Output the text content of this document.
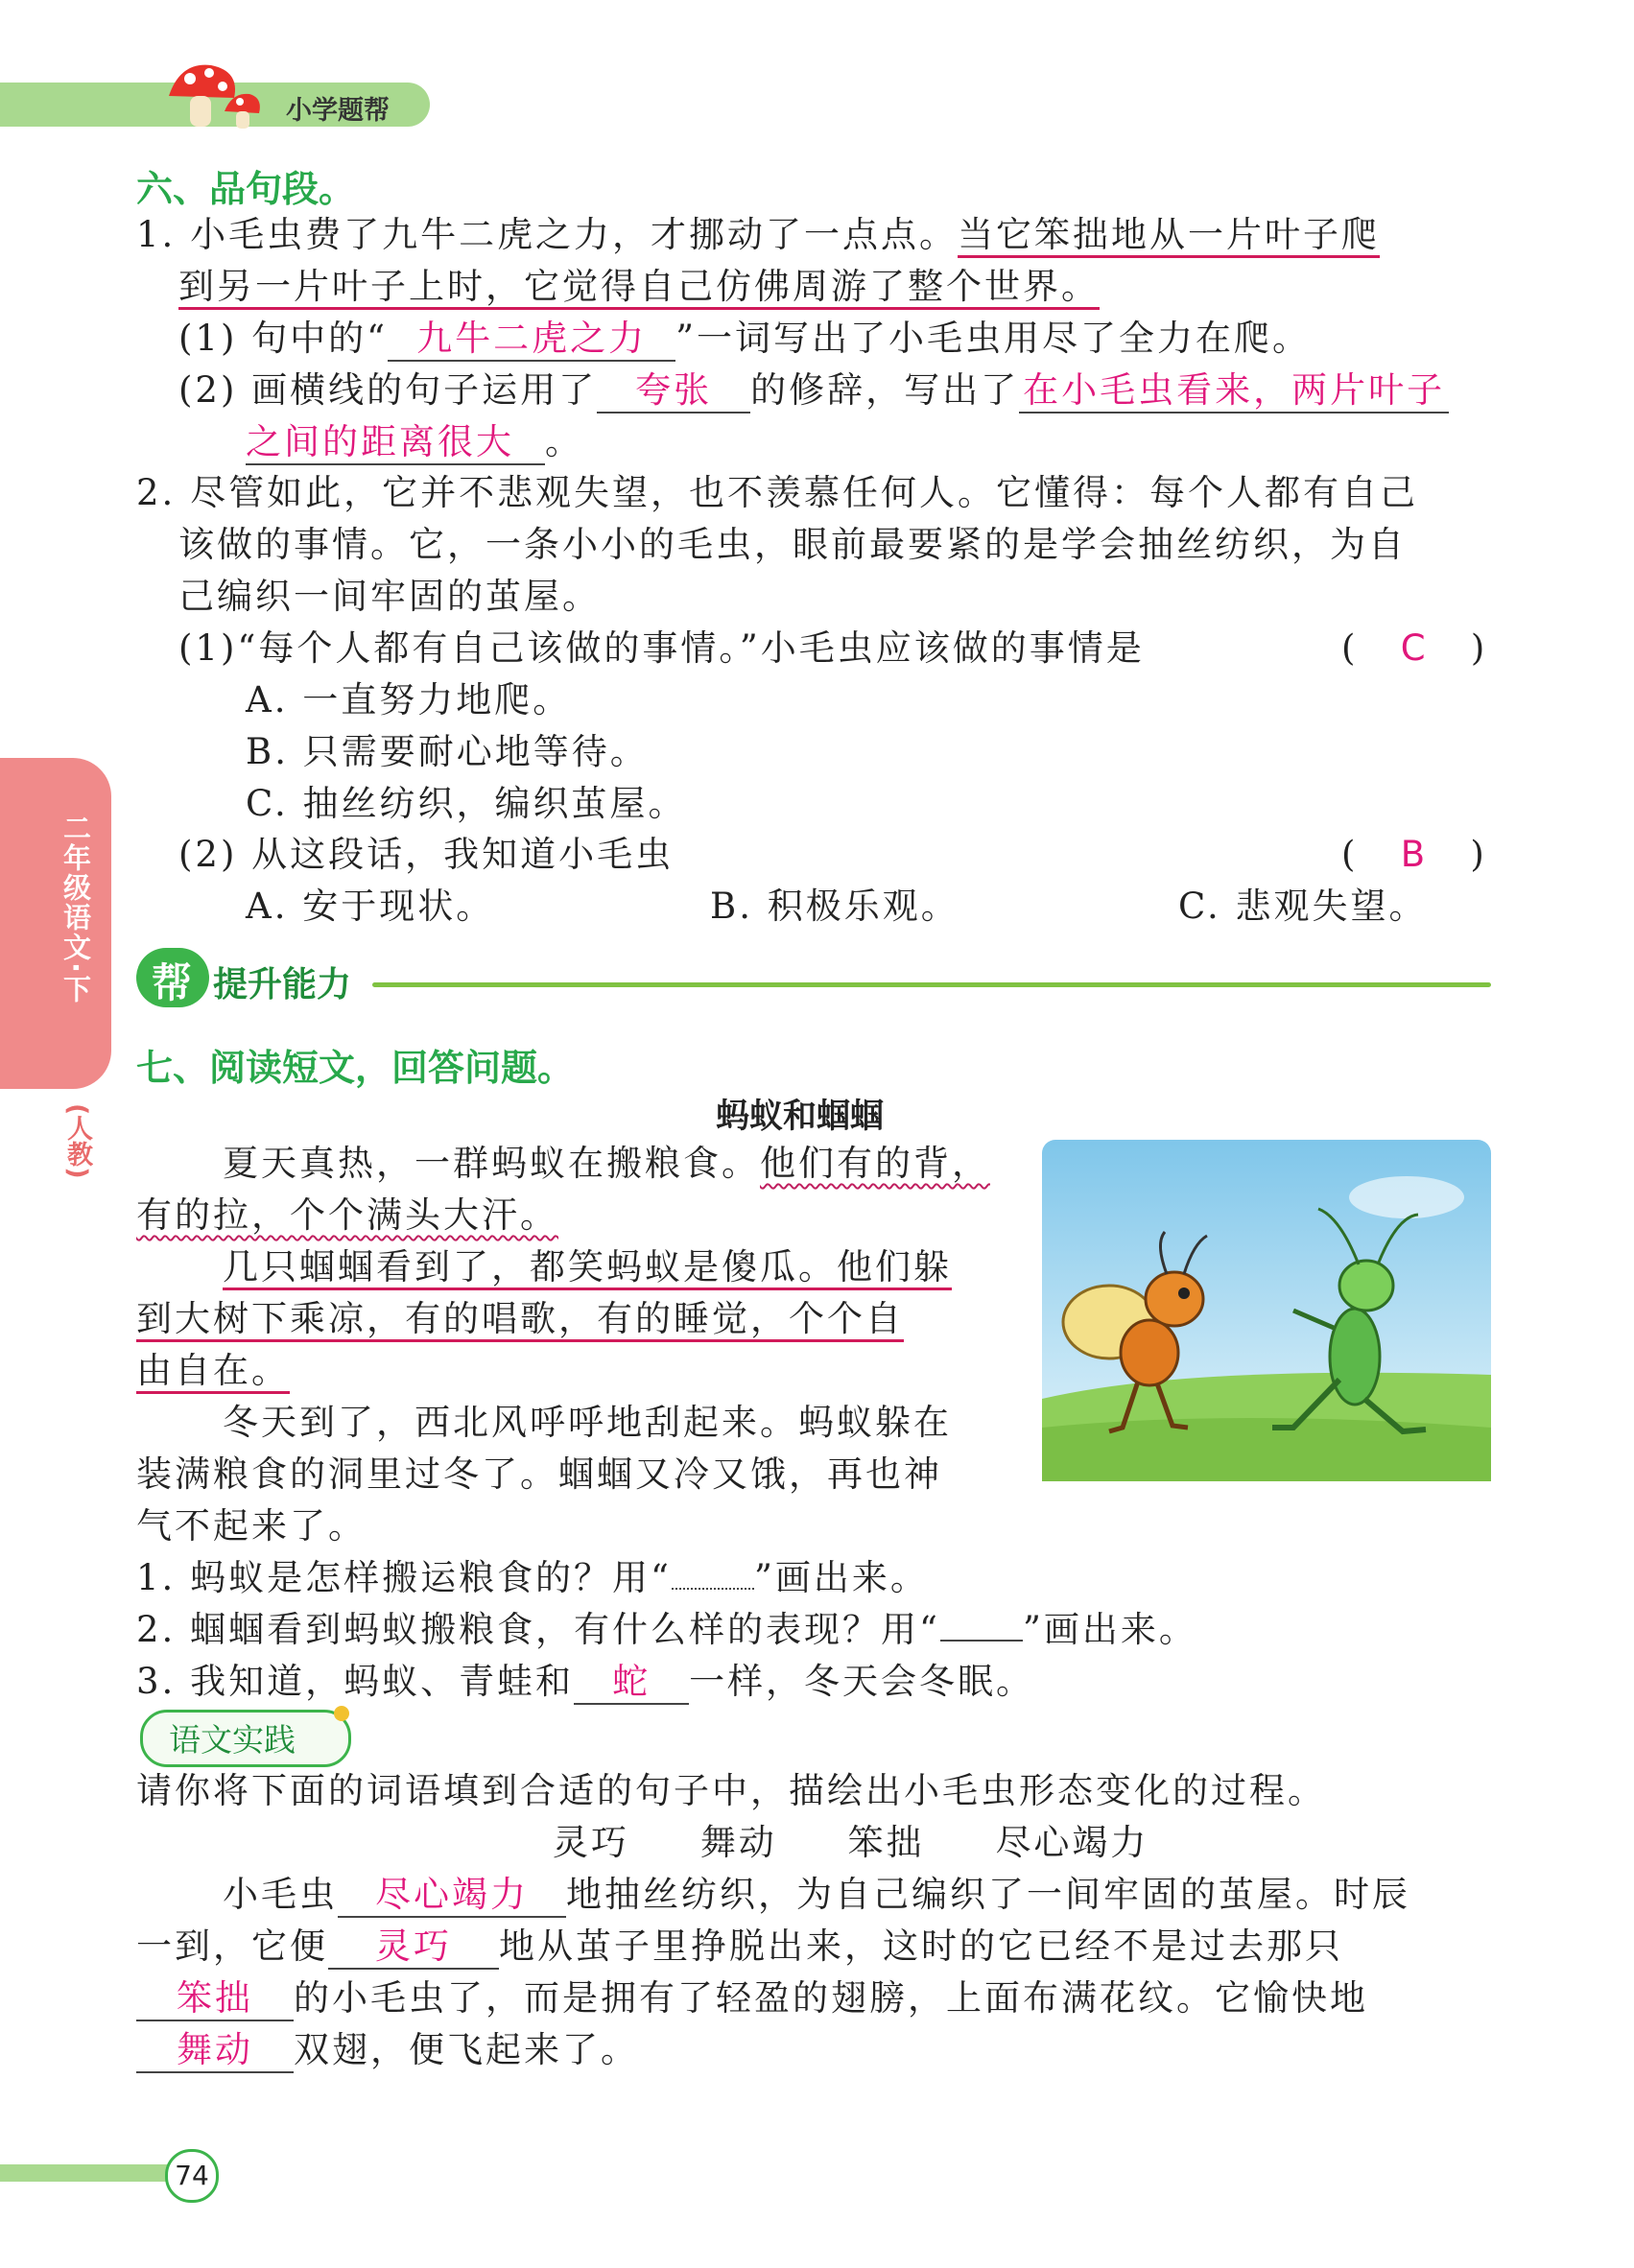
小学题帮
二年级语文·下
(人教)
六、品句段。
1. 小毛虫费了九牛二虎之力，才挪动了一点点。当它笨拙地从一片叶子爬
到另一片叶子上时，它觉得自己仿佛周游了整个世界。
(1) 句中的“ 九牛二虎之力 ”一词写出了小毛虫用尽了全力在爬。
(2) 画横线的句子运用了 夸张 的修辞，写出了 在小毛虫看来，两片叶子
之间的距离很大 。
2. 尽管如此，它并不悲观失望，也不羡慕任何人。它懂得：每个人都有自己
该做的事情。它，一条小小的毛虫，眼前最要紧的是学会抽丝纺织，为自
己编织一间牢固的茧屋。
(1)“每个人都有自己该做的事情。”小毛虫应该做的事情是	(   C   )
A. 一直努力地爬。
B. 只需要耐心地等待。
C. 抽丝纺织，编织茧屋。
(2) 从这段话，我知道小毛虫	(   B   )
A. 安于现状。	B. 积极乐观。	C. 悲观失望。
帮 提升能力
七、阅读短文，回答问题。
蚂蚁和蝈蝈
夏天真热，一群蚂蚁在搬粮食。他们有的背，
有的拉，个个满头大汗。
几只蝈蝈看到了，都笑蚂蚁是傻瓜。他们躲
到大树下乘凉，有的唱歌，有的睡觉，个个自
由自在。
冬天到了，西北风呼呼地刮起来。蚂蚁躲在
装满粮食的洞里过冬了。蝈蝈又冷又饿，再也神
气不起来了。
1. 蚂蚁是怎样搬运粮食的？用“ ”画出来。
2. 蝈蝈看到蚂蚁搬粮食，有什么样的表现？用“ ”画出来。
3. 我知道，蚂蚁、青蛙和 蛇 一样，冬天会冬眠。
语文实践
请你将下面的词语填到合适的句子中，描绘出小毛虫形态变化的过程。
灵巧 舞动 笨拙 尽心竭力
小毛虫 尽心竭力 地抽丝纺织，为自己编织了一间牢固的茧屋。时辰
一到，它便 灵巧 地从茧子里挣脱出来，这时的它已经不是过去那只
笨拙 的小毛虫了，而是拥有了轻盈的翅膀，上面布满花纹。它愉快地
舞动 双翅，便飞起来了。
74
